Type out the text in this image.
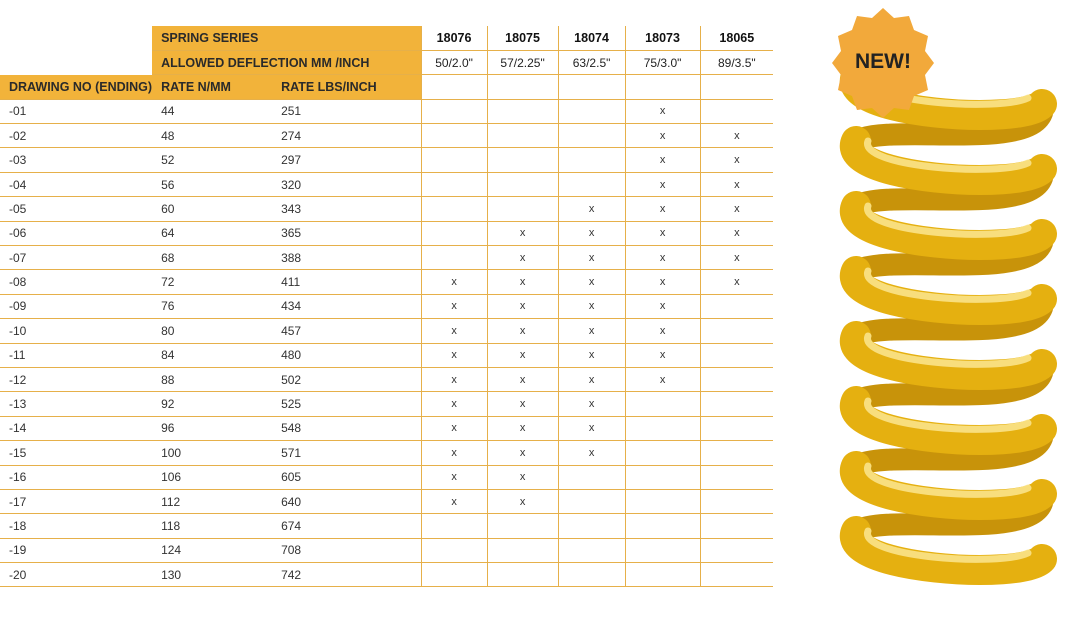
	SPRING SERIES		18076	18075	18074	18073	18065
	ALLOWED DEFLECTION MM /INCH		50/2.0"	57/2.25"	63/2.5"	75/3.0"	89/3.5"
DRAWING NO (ENDING)	RATE N/MM	RATE LBS/INCH					
-01	44	251				x	
-02	48	274				x	x
-03	52	297				x	x
-04	56	320				x	x
-05	60	343			x	x	x
-06	64	365		x	x	x	x
-07	68	388		x	x	x	x
-08	72	411	x	x	x	x	x
-09	76	434	x	x	x	x	
-10	80	457	x	x	x	x	
-11	84	480	x	x	x	x	
-12	88	502	x	x	x	x	
-13	92	525	x	x	x		
-14	96	548	x	x	x		
-15	100	571	x	x	x		
-16	106	605	x	x			
-17	112	640	x	x			
-18	118	674					
-19	124	708					
-20	130	742					
NEW!
